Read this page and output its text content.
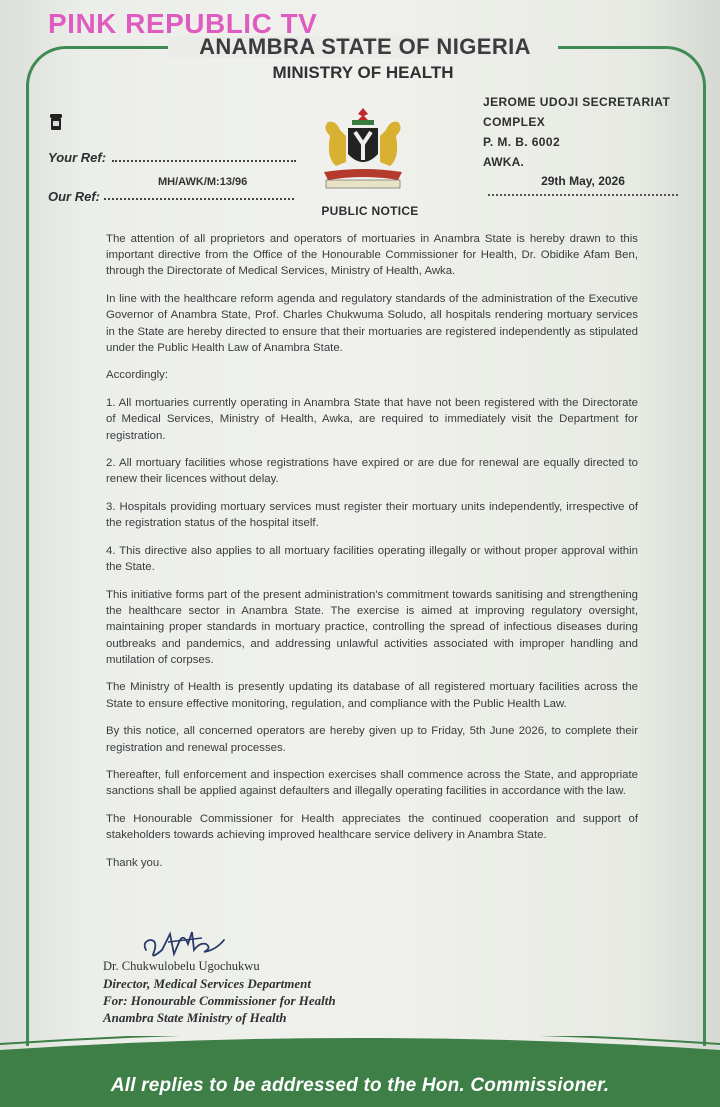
PINK REPUBLIC TV
ANAMBRA STATE OF NIGERIA
MINISTRY OF HEALTH
JEROME UDOJI SECRETARIAT
COMPLEX
P. M. B. 6002
AWKA.
29th May, 2026
Your Ref:
Our Ref:
MH/AWK/M:13/96
PUBLIC NOTICE

The attention of all proprietors and operators of mortuaries in Anambra State is hereby drawn to this important directive from the Office of the Honourable Commissioner for Health, Dr. Obidike Afam Ben, through the Directorate of Medical Services, Ministry of Health, Awka.

In line with the healthcare reform agenda and regulatory standards of the administration of the Executive Governor of Anambra State, Prof. Charles Chukwuma Soludo, all hospitals rendering mortuary services in the State are hereby directed to ensure that their mortuaries are registered independently as stipulated under the Public Health Law of Anambra State.

Accordingly:

1. All mortuaries currently operating in Anambra State that have not been registered with the Directorate of Medical Services, Ministry of Health, Awka, are required to immediately visit the Department for registration.

2. All mortuary facilities whose registrations have expired or are due for renewal are equally directed to renew their licences without delay.

3. Hospitals providing mortuary services must register their mortuary units independently, irrespective of the registration status of the hospital itself.

4. This directive also applies to all mortuary facilities operating illegally or without proper approval within the State.

This initiative forms part of the present administration's commitment towards sanitising and strengthening the healthcare sector in Anambra State. The exercise is aimed at improving regulatory oversight, maintaining proper standards in mortuary practice, controlling the spread of infectious diseases during outbreaks and pandemics, and addressing unlawful activities associated with improper handling and mutilation of corpses.

The Ministry of Health is presently updating its database of all registered mortuary facilities across the State to ensure effective monitoring, regulation, and compliance with the Public Health Law.

By this notice, all concerned operators are hereby given up to Friday, 5th June 2026, to complete their registration and renewal processes.

Thereafter, full enforcement and inspection exercises shall commence across the State, and appropriate sanctions shall be applied against defaulters and illegally operating facilities in accordance with the law.

The Honourable Commissioner for Health appreciates the continued cooperation and support of stakeholders towards achieving improved healthcare service delivery in Anambra State.

Thank you.

Dr. Chukwulobelu Ugochukwu
Director, Medical Services Department
For: Honourable Commissioner for Health
Anambra State Ministry of Health
All replies to be addressed to the Hon. Commissioner.
